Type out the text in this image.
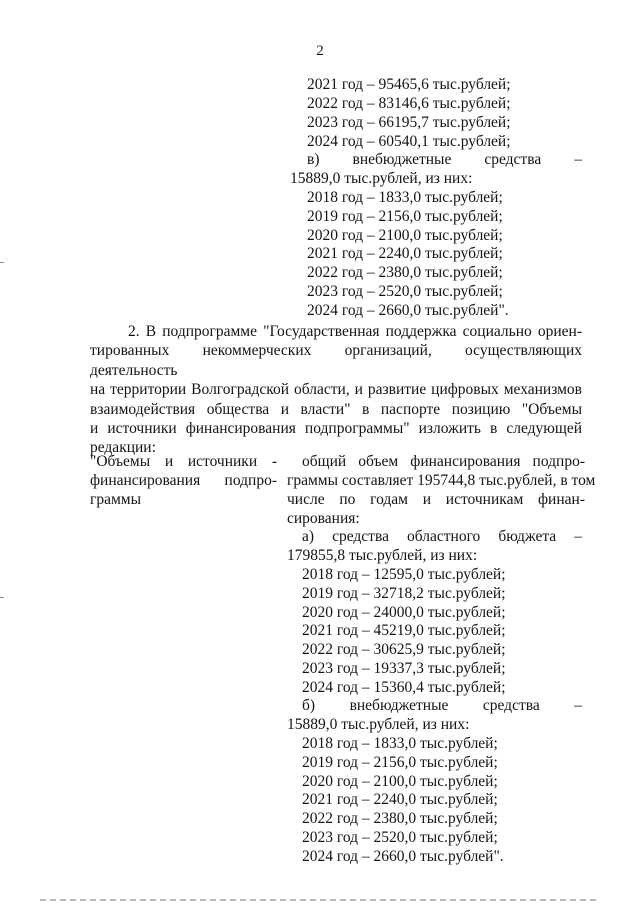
2
2021 год – 95465,6 тыс.рублей;
2022 год – 83146,6 тыс.рублей;
2023 год – 66195,7 тыс.рублей;
2024 год – 60540,1 тыс.рублей;
в) внебюджетные средства –
15889,0 тыс.рублей, из них:
2018 год – 1833,0 тыс.рублей;
2019 год – 2156,0 тыс.рублей;
2020 год – 2100,0 тыс.рублей;
2021 год – 2240,0 тыс.рублей;
2022 год – 2380,0 тыс.рублей;
2023 год – 2520,0 тыс.рублей;
2024 год – 2660,0 тыс.рублей".
2. В подпрограмме "Государственная поддержка социально ориен-
тированных некоммерческих организаций, осуществляющих деятельность
на территории Волгоградской области, и развитие цифровых механизмов
взаимодействия общества и власти" в паспорте позицию "Объемы
и источники финансирования подпрограммы" изложить в следующей
редакции:
"Объемы и источники -
финансирования подпро-
граммы
общий объем финансирования подпро-
граммы составляет 195744,8 тыс.рублей, в том
числе по годам и источникам финан-
сирования:
а) средства областного бюджета –
179855,8 тыс.рублей, из них:
2018 год – 12595,0 тыс.рублей;
2019 год – 32718,2 тыс.рублей;
2020 год – 24000,0 тыс.рублей;
2021 год – 45219,0 тыс.рублей;
2022 год – 30625,9 тыс.рублей;
2023 год – 19337,3 тыс.рублей;
2024 год – 15360,4 тыс.рублей;
б) внебюджетные средства –
15889,0 тыс.рублей, из них:
2018 год – 1833,0 тыс.рублей;
2019 год – 2156,0 тыс.рублей;
2020 год – 2100,0 тыс.рублей;
2021 год – 2240,0 тыс.рублей;
2022 год – 2380,0 тыс.рублей;
2023 год – 2520,0 тыс.рублей;
2024 год – 2660,0 тыс.рублей".
